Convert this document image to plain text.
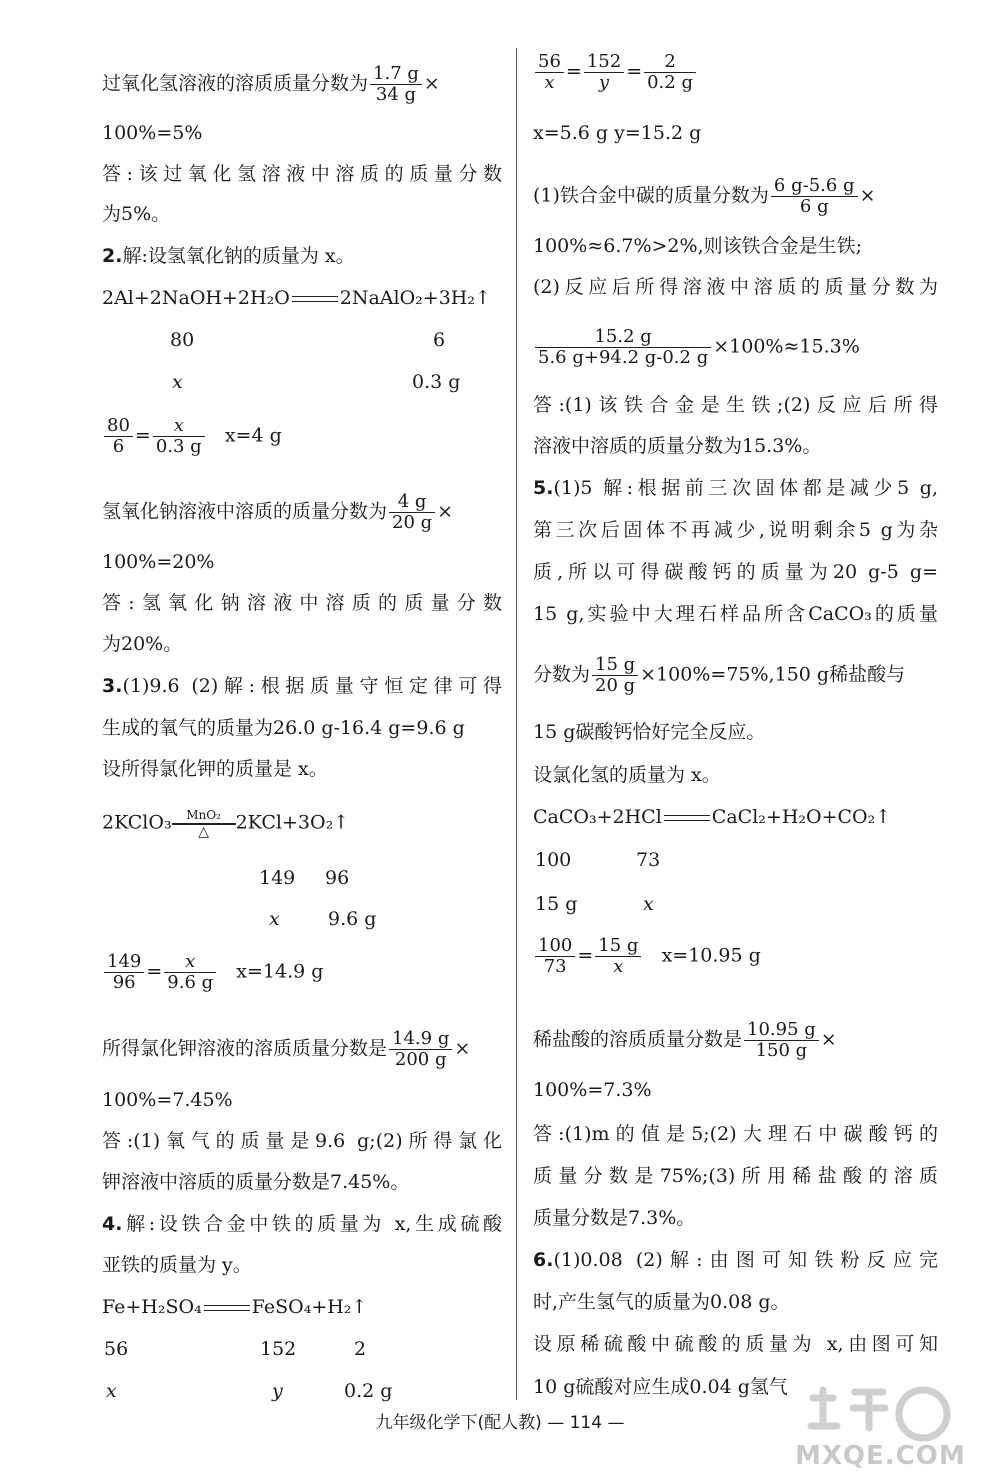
过氧化氢溶液的溶质质量分数为 $\frac{1.7 g}{34 g}$ ×
100%=5%
答:该过氧化氢溶液中溶质的质量分数
为5%。
2.解:设氢氧化钠的质量为 x。
2Al+2NaOH+2H₂O	2NaAlO₂+3H₂↑
80	6
x	0.3 g
$\frac{80}{6} = \frac{x}{0.3 g} x=4$ g
氢氧化钠溶液中溶质的质量分数为 $\frac{4 g}{20 g}$ ×
100%=20%
答:氢氧化钠溶液中溶质的质量分数
为20%。
3.(1)9.6 (2)解:根据质量守恒定律可得
生成的氧气的质量为26.0 g-16.4 g=9.6 g
设所得氯化钾的质量是 x。
2KClO₃	MnO₂
△	2KCl+3O₂↑
149 96
x	9.6 g
$\frac{149}{96} = \frac{x}{9.6 g} x=14.9$ g
所得氯化钾溶液的溶质质量分数是 $\frac{14.9 g}{200 g}$ ×
100%=7.45%
答:(1)氧气的质量是9.6 g;(2)所得氯化
钾溶液中溶质的质量分数是7.45%。
4.解:设铁合金中铁的质量为 x,生成硫酸
亚铁的质量为 y。
Fe+H₂SO₄	FeSO₄+H₂↑
56	152	2
x	y	0.2 g
$\frac{56}{x} = \frac{152}{y} = \frac{2}{0.2 g}$
x=5.6 g y=15.2 g
(1)铁合金中碳的质量分数为 $\frac{6 g-5.6 g}{6 g}$ ×
100%≈6.7%>2%,则该铁合金是生铁;
(2)反应后所得溶液中溶质的质量分数为
$\frac{15.2 g}{5.6 g+94.2 g-0.2 g} \times 100\%\approx 15.3\%$
答:(1)该铁合金是生铁;(2)反应后所得
溶液中溶质的质量分数为15.3%。
5.(1)5 解:根据前三次固体都是减少5 g,
第三次后固体不再减少,说明剩余5 g为杂
质,所以可得碳酸钙的质量为20 g-5 g=
15 g,实验中大理石样品所含CaCO₃的质量
分数为 $\frac{15 g}{20 g} \times 100\%=75\%,150$ g稀盐酸与
15 g碳酸钙恰好完全反应。
设氯化氢的质量为 x。
CaCO₃+2HCl	CaCl₂+H₂O+CO₂↑
100	73
15 g	x
$\frac{100}{73} = \frac{15 g}{x} x=10.95$ g
稀盐酸的溶质质量分数是 $\frac{10.95 g}{150 g}$ ×
100%=7.3%
答:(1)m的值是5;(2)大理石中碳酸钙的
质量分数是75%;(3)所用稀盐酸的溶质
质量分数是7.3%。
6.(1)0.08 (2)解:由图可知铁粉反应完
时,产生氢气的质量为0.08 g。
设原稀硫酸中硫酸的质量为 x,由图可知
10 g硫酸对应生成0.04 g氢气
MXQE.COM
九年级化学下(配人教) — 114 —
